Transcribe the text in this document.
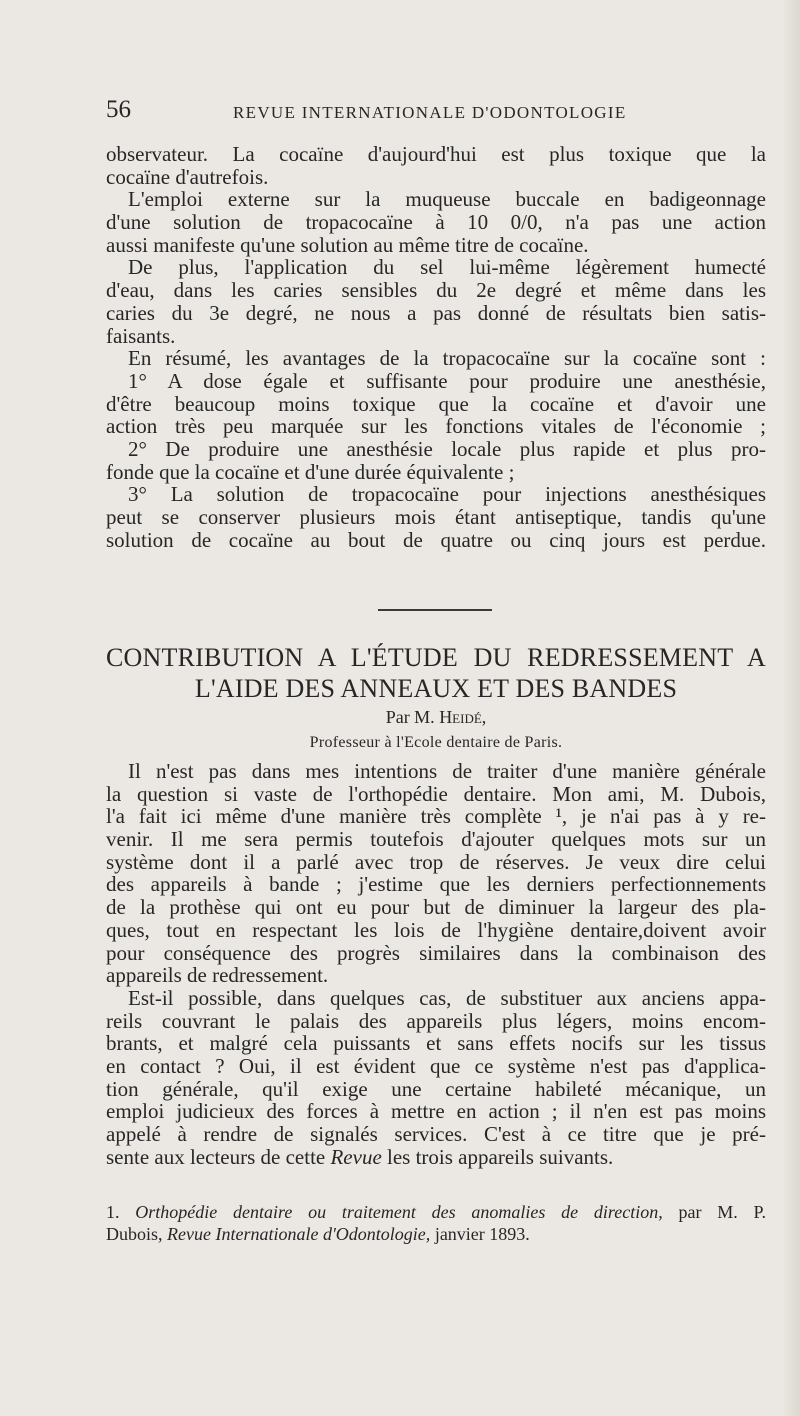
56	REVUE INTERNATIONALE D'ODONTOLOGIE
observateur. La cocaïne d'aujourd'hui est plus toxique que la
cocaïne d'autrefois.
L'emploi externe sur la muqueuse buccale en badigeonnage
d'une solution de tropacocaïne à 10 0/0, n'a pas une action
aussi manifeste qu'une solution au même titre de cocaïne.
De plus, l'application du sel lui-même légèrement humecté
d'eau, dans les caries sensibles du 2e degré et même dans les
caries du 3e degré, ne nous a pas donné de résultats bien satis-
faisants.
En résumé, les avantages de la tropacocaïne sur la cocaïne sont :
1° A dose égale et suffisante pour produire une anesthésie,
d'être beaucoup moins toxique que la cocaïne et d'avoir une
action très peu marquée sur les fonctions vitales de l'économie ;
2° De produire une anesthésie locale plus rapide et plus pro-
fonde que la cocaïne et d'une durée équivalente ;
3° La solution de tropacocaïne pour injections anesthésiques
peut se conserver plusieurs mois étant antiseptique, tandis qu'une
solution de cocaïne au bout de quatre ou cinq jours est perdue.
CONTRIBUTION A L'ÉTUDE DU REDRESSEMENT A
L'AIDE DES ANNEAUX ET DES BANDES
Par M. Heidé,
Professeur à l'Ecole dentaire de Paris.
Il n'est pas dans mes intentions de traiter d'une manière générale
la question si vaste de l'orthopédie dentaire. Mon ami, M. Dubois,
l'a fait ici même d'une manière très complète ¹, je n'ai pas à y re-
venir. Il me sera permis toutefois d'ajouter quelques mots sur un
système dont il a parlé avec trop de réserves. Je veux dire celui
des appareils à bande ; j'estime que les derniers perfectionnements
de la prothèse qui ont eu pour but de diminuer la largeur des pla-
ques, tout en respectant les lois de l'hygiène dentaire,doivent avoir
pour conséquence des progrès similaires dans la combinaison des
appareils de redressement.
Est-il possible, dans quelques cas, de substituer aux anciens appa-
reils couvrant le palais des appareils plus légers, moins encom-
brants, et malgré cela puissants et sans effets nocifs sur les tissus
en contact ? Oui, il est évident que ce système n'est pas d'applica-
tion générale, qu'il exige une certaine habileté mécanique, un
emploi judicieux des forces à mettre en action ; il n'en est pas moins
appelé à rendre de signalés services. C'est à ce titre que je pré-
sente aux lecteurs de cette Revue les trois appareils suivants.
1. Orthopédie dentaire ou traitement des anomalies de direction, par M. P.
Dubois, Revue Internationale d'Odontologie, janvier 1893.
